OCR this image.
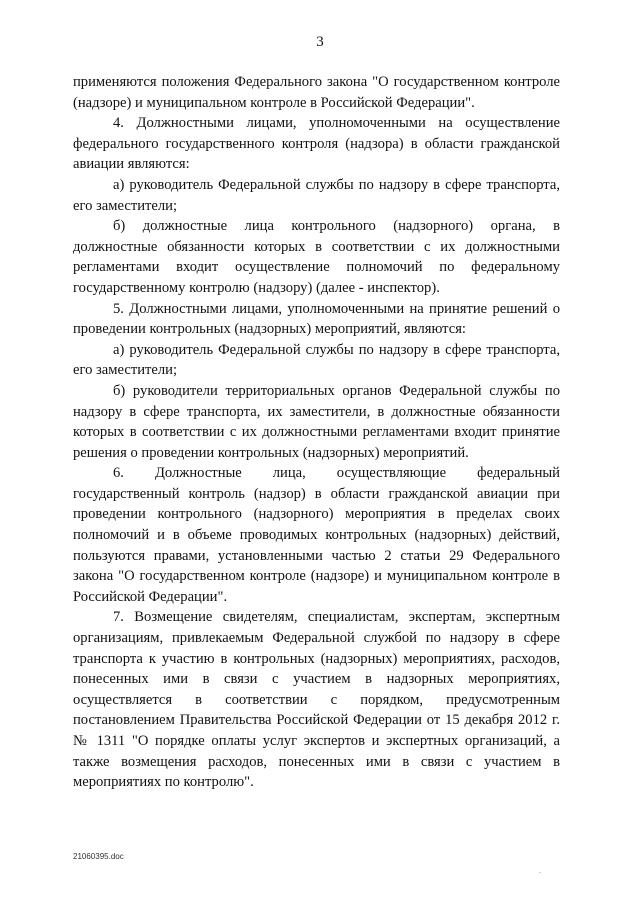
3

применяются положения Федерального закона "О государственном контроле (надзоре) и муниципальном контроле в Российской Федерации".

4. Должностными лицами, уполномоченными на осуществление федерального государственного контроля (надзора) в области гражданской авиации являются:

а) руководитель Федеральной службы по надзору в сфере транспорта, его заместители;

б) должностные лица контрольного (надзорного) органа, в должностные обязанности которых в соответствии с их должностными регламентами входит осуществление полномочий по федеральному государственному контролю (надзору) (далее - инспектор).

5. Должностными лицами, уполномоченными на принятие решений о проведении контрольных (надзорных) мероприятий, являются:

а) руководитель Федеральной службы по надзору в сфере транспорта, его заместители;

б) руководители территориальных органов Федеральной службы по надзору в сфере транспорта, их заместители, в должностные обязанности которых в соответствии с их должностными регламентами входит принятие решения о проведении контрольных (надзорных) мероприятий.

6. Должностные лица, осуществляющие федеральный государственный контроль (надзор) в области гражданской авиации при проведении контрольного (надзорного) мероприятия в пределах своих полномочий и в объеме проводимых контрольных (надзорных) действий, пользуются правами, установленными частью 2 статьи 29 Федерального закона "О государственном контроле (надзоре) и муниципальном контроле в Российской Федерации".

7. Возмещение свидетелям, специалистам, экспертам, экспертным организациям, привлекаемым Федеральной службой по надзору в сфере транспорта к участию в контрольных (надзорных) мероприятиях, расходов, понесенных ими в связи с участием в надзорных мероприятиях, осуществляется в соответствии с порядком, предусмотренным постановлением Правительства Российской Федерации от 15 декабря 2012 г. № 1311 "О порядке оплаты услуг экспертов и экспертных организаций, а также возмещения расходов, понесенных ими в связи с участием в мероприятиях по контролю".

21060395.doc
.
